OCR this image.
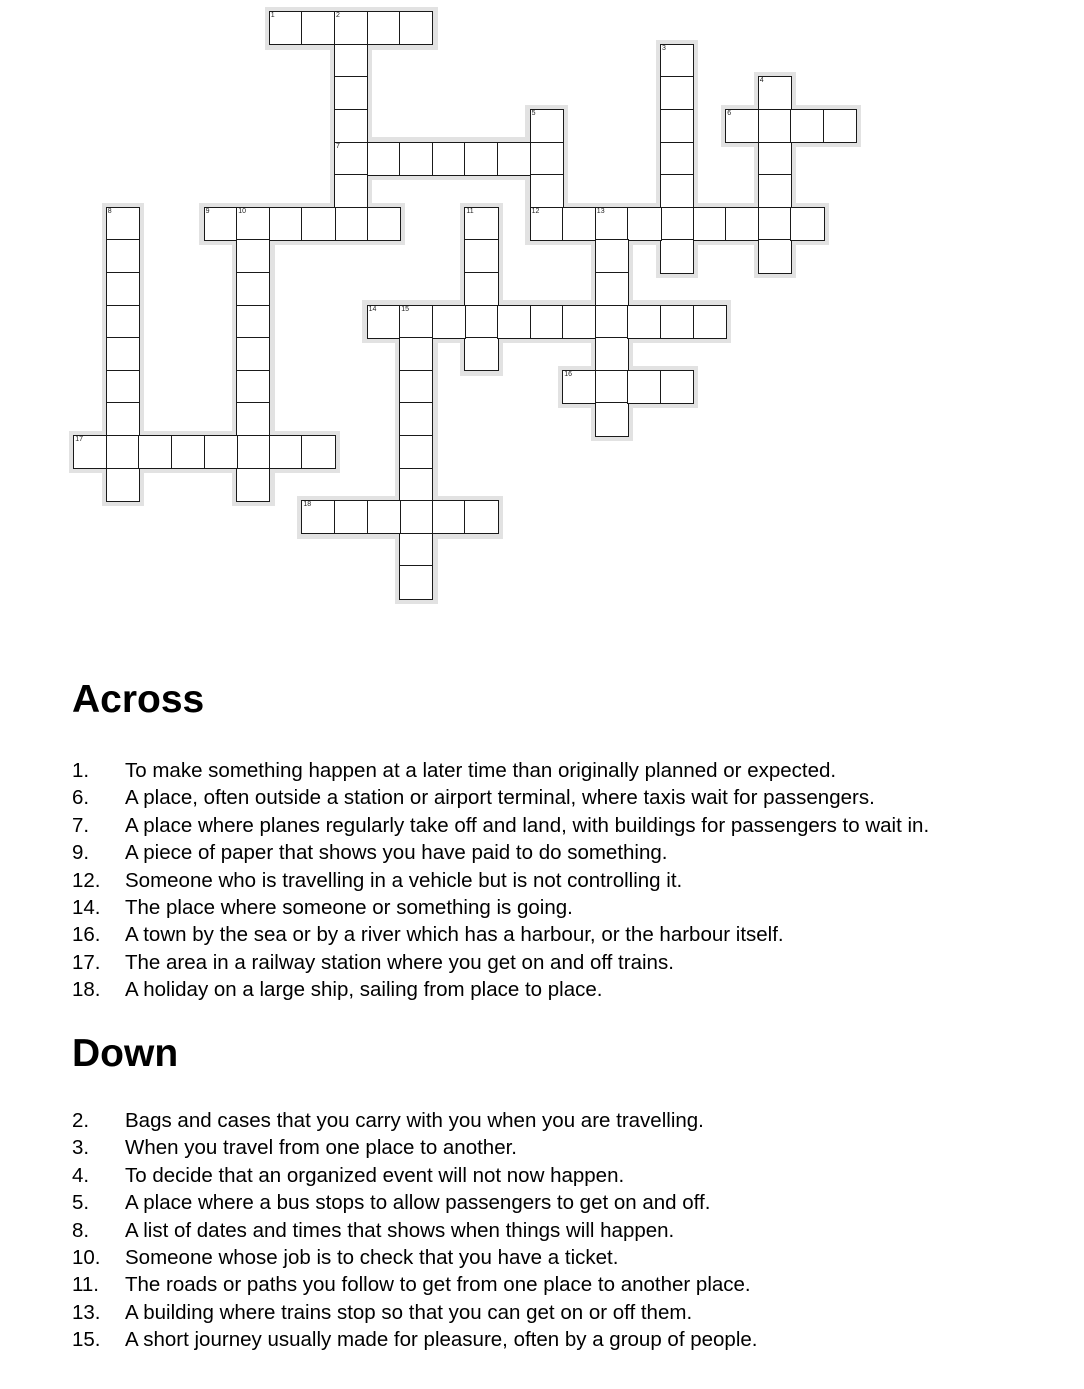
1	2
7
3
4
5
12
6
8	9	10	11	13
14	15
16
17
18
Across
1. To make something happen at a later time than originally planned or expected.
6. A place, often outside a station or airport terminal, where taxis wait for passengers.
7. A place where planes regularly take off and land, with buildings for passengers to wait in.
9. A piece of paper that shows you have paid to do something.
12. Someone who is travelling in a vehicle but is not controlling it.
14. The place where someone or something is going.
16. A town by the sea or by a river which has a harbour, or the harbour itself.
17. The area in a railway station where you get on and off trains.
18. A holiday on a large ship, sailing from place to place.
Down
2. Bags and cases that you carry with you when you are travelling.
3. When you travel from one place to another.
4. To decide that an organized event will not now happen.
5. A place where a bus stops to allow passengers to get on and off.
8. A list of dates and times that shows when things will happen.
10. Someone whose job is to check that you have a ticket.
11. The roads or paths you follow to get from one place to another place.
13. A building where trains stop so that you can get on or off them.
15. A short journey usually made for pleasure, often by a group of people.
